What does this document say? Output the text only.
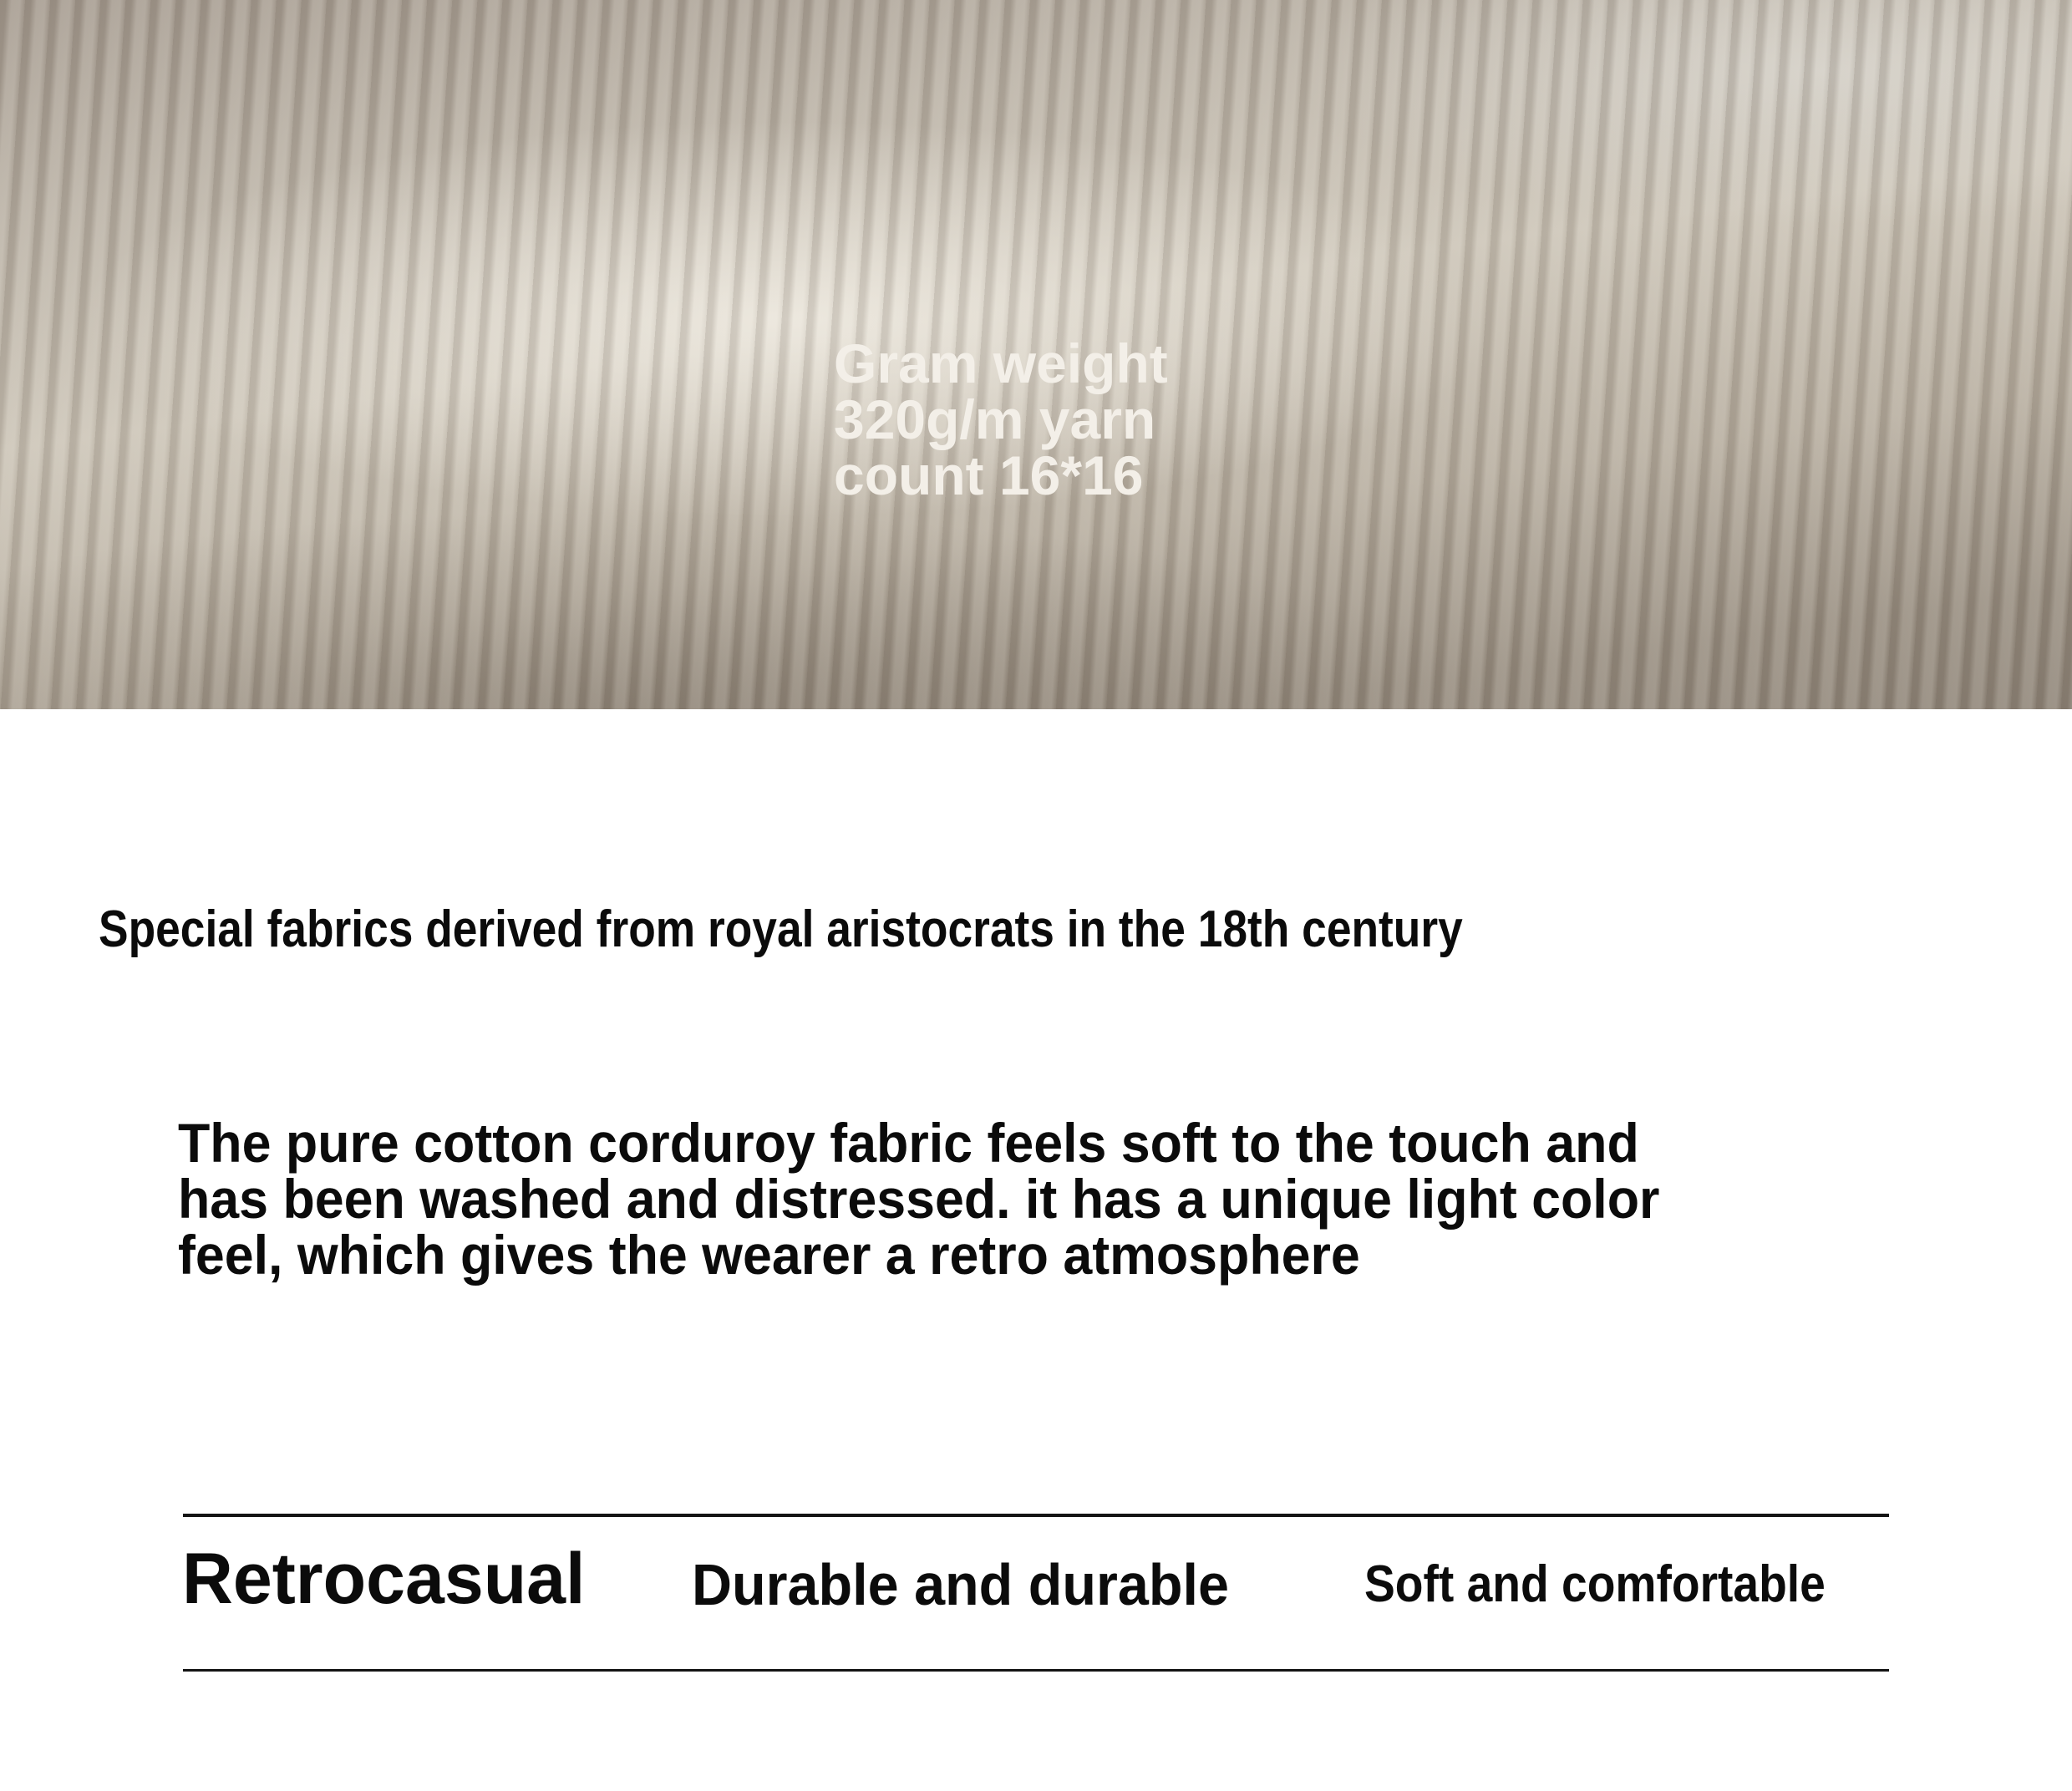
Gram weight
320g/m yarn
count 16*16
Special fabrics derived from royal aristocrats in the 18th century
The pure cotton corduroy fabric feels soft to the touch and
has been washed and distressed. it has a unique light color
feel, which gives the wearer a retro atmosphere
Retrocasual Durable and durable	Soft and comfortable
